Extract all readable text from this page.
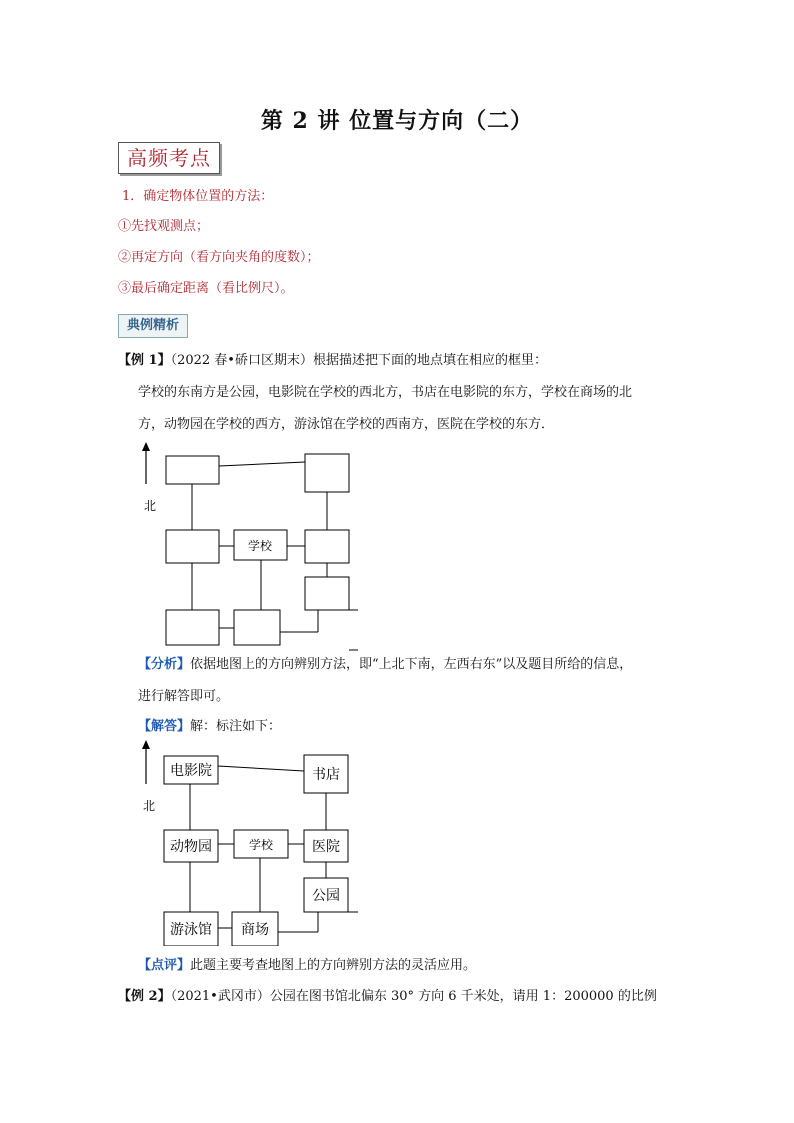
第 2 讲 位置与方向（二）
高频考点
1．确定物体位置的方法：
①先找观测点；
②再定方向（看方向夹角的度数）；
③最后确定距离（看比例尺）。
典例精析
【例 1】（2022 春•硚口区期末）根据描述把下面的地点填在相应的框里：
学校的东南方是公园，电影院在学校的西北方，书店在电影院的东方，学校在商场的北
方，动物园在学校的西方，游泳馆在学校的西南方，医院在学校的东方．
北
学校
【分析】依据地图上的方向辨别方法，即“上北下南，左西右东”以及题目所给的信息，
进行解答即可。
【解答】解：标注如下：
北
电影院	书店
动物园	学校	医院
公园
游泳馆 商场
【点评】此题主要考查地图上的方向辨别方法的灵活应用。
【例 2】（2021•武冈市）公园在图书馆北偏东 30° 方向 6 千米处，请用 1：200000 的比例
